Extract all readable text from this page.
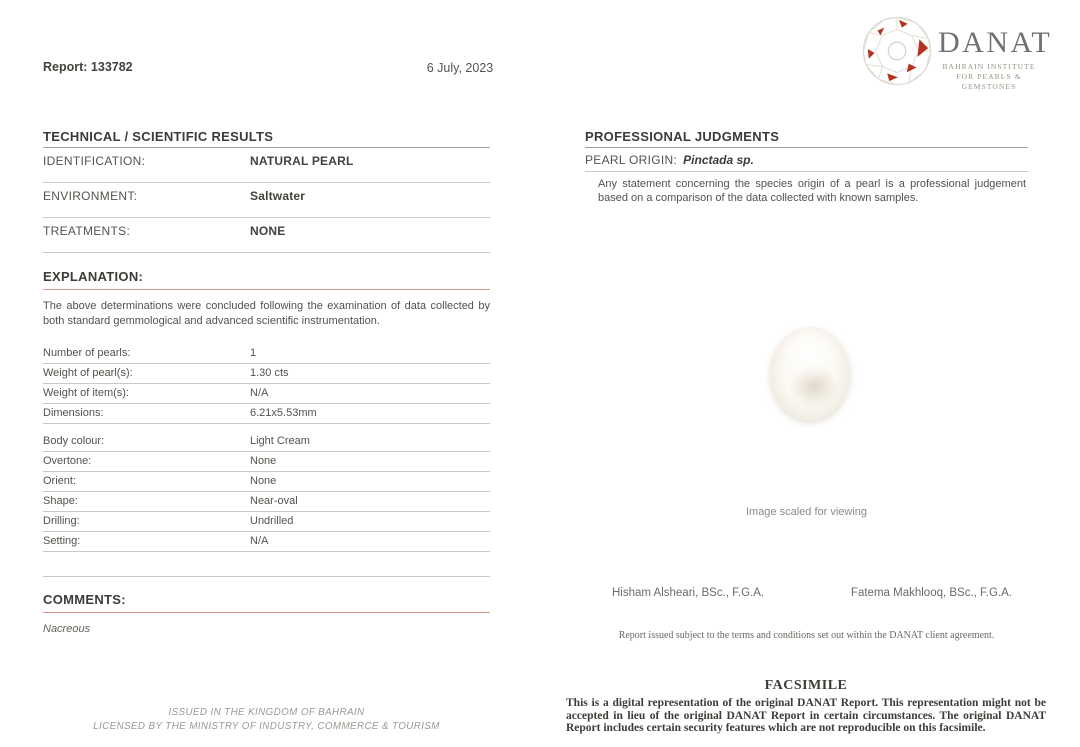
Report: 133782	6 July, 2023
DANAT
BAHRAIN INSTITUTE
FOR PEARLS & GEMSTONES
TECHNICAL / SCIENTIFIC RESULTS
IDENTIFICATION:	NATURAL PEARL
ENVIRONMENT:	Saltwater
TREATMENTS:	NONE
EXPLANATION:
The above determinations were concluded following the examination of data collected by both standard gemmological and advanced scientific instrumentation.
Number of pearls:	1
Weight of pearl(s):	1.30 cts
Weight of item(s):	N/A
Dimensions:	6.21x5.53mm
Body colour:	Light Cream
Overtone:	None
Orient:	None
Shape:	Near-oval
Drilling:	Undrilled
Setting:	N/A
COMMENTS:
Nacreous
ISSUED IN THE KINGDOM OF BAHRAIN
LICENSED BY THE MINISTRY OF INDUSTRY, COMMERCE & TOURISM
PROFESSIONAL JUDGMENTS
PEARL ORIGIN: Pinctada sp.
Any statement concerning the species origin of a pearl is a professional judgement based on a comparison of the data collected with known samples.
Image scaled for viewing
Hisham Alsheari, BSc., F.G.A.	Fatema Makhlooq, BSc., F.G.A.
Report issued subject to the terms and conditions set out within the DANAT client agreement.
FACSIMILE
This is a digital representation of the original DANAT Report. This representation might not be accepted in lieu of the original DANAT Report in certain circumstances. The original DANAT Report includes certain security features which are not reproducible on this facsimile.
